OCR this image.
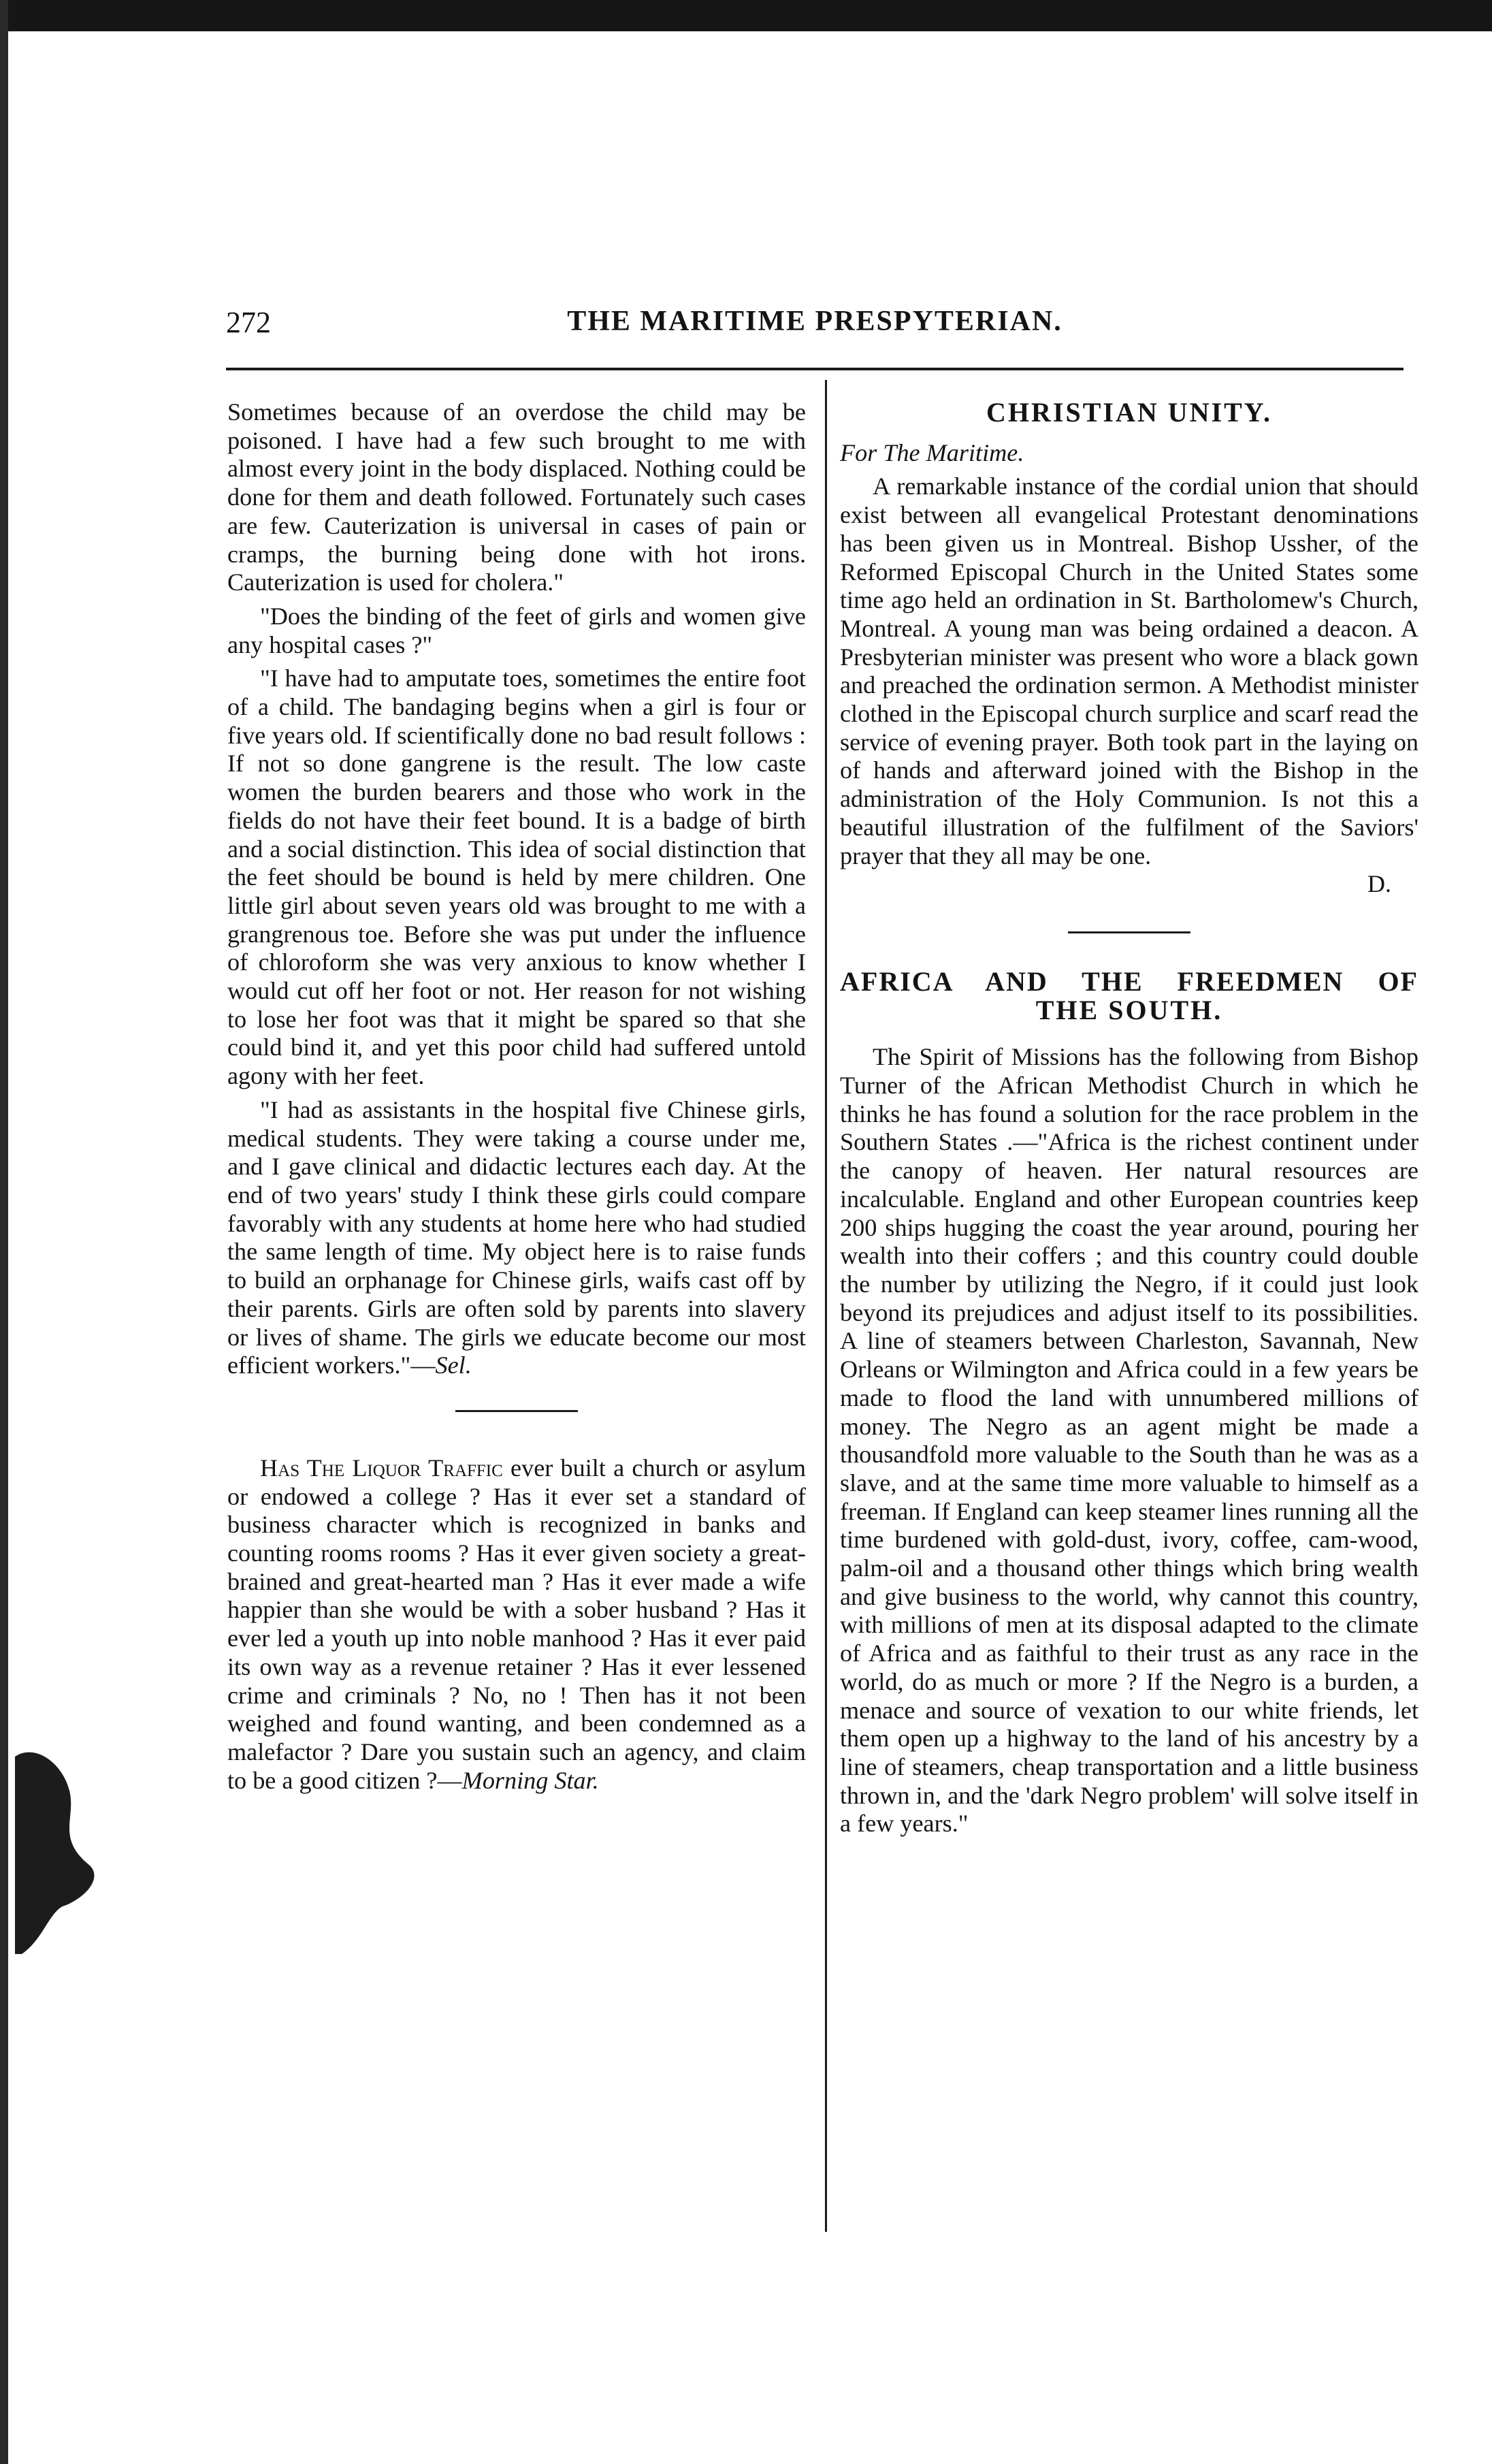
272	THE MARITIME PRESPYTERIAN.

Sometimes because of an overdose the child may be poisoned. I have had a few such brought to me with almost every joint in the body displaced. Nothing could be done for them and death followed. Fortunately such cases are few. Cauterization is universal in cases of pain or cramps, the burning being done with hot irons. Cauterization is used for cholera."

"Does the binding of the feet of girls and women give any hospital cases ?"

"I have had to amputate toes, sometimes the entire foot of a child. The bandaging begins when a girl is four or five years old. If scientifically done no bad result follows : If not so done gangrene is the result. The low caste women the burden bearers and those who work in the fields do not have their feet bound. It is a badge of birth and a social distinction. This idea of social distinction that the feet should be bound is held by mere children. One little girl about seven years old was brought to me with a grangrenous toe. Before she was put under the influence of chloroform she was very anxious to know whether I would cut off her foot or not. Her reason for not wishing to lose her foot was that it might be spared so that she could bind it, and yet this poor child had suffered untold agony with her feet.

"I had as assistants in the hospital five Chinese girls, medical students. They were taking a course under me, and I gave clinical and didactic lectures each day. At the end of two years' study I think these girls could compare favorably with any students at home here who had studied the same length of time. My object here is to raise funds to build an orphanage for Chinese girls, waifs cast off by their parents. Girls are often sold by parents into slavery or lives of shame. The girls we educate become our most efficient workers."—Sel.

Has The Liquor Traffic ever built a church or asylum or endowed a college ? Has it ever set a standard of business character which is recognized in banks and counting rooms rooms ? Has it ever given society a great-brained and great-hearted man ? Has it ever made a wife happier than she would be with a sober husband ? Has it ever led a youth up into noble manhood ? Has it ever paid its own way as a revenue retainer ? Has it ever lessened crime and criminals ? No, no ! Then has it not been weighed and found wanting, and been condemned as a malefactor ? Dare you sustain such an agency, and claim to be a good citizen ?—Morning Star.

CHRISTIAN UNITY.

For The Maritime.

A remarkable instance of the cordial union that should exist between all evangelical Protestant denominations has been given us in Montreal. Bishop Ussher, of the Reformed Episcopal Church in the United States some time ago held an ordination in St. Bartholomew's Church, Montreal. A young man was being ordained a deacon. A Presbyterian minister was present who wore a black gown and preached the ordination sermon. A Methodist minister clothed in the Episcopal church surplice and scarf read the service of evening prayer. Both took part in the laying on of hands and afterward joined with the Bishop in the administration of the Holy Communion. Is not this a beautiful illustration of the fulfilment of the Saviors' prayer that they all may be one.

D.

AFRICA AND THE FREEDMEN OF
THE SOUTH.

The Spirit of Missions has the following from Bishop Turner of the African Methodist Church in which he thinks he has found a solution for the race problem in the Southern States .—"Africa is the richest continent under the canopy of heaven. Her natural resources are incalculable. England and other European countries keep 200 ships hugging the coast the year around, pouring her wealth into their coffers ; and this country could double the number by utilizing the Negro, if it could just look beyond its prejudices and adjust itself to its possibilities. A line of steamers between Charleston, Savannah, New Orleans or Wilmington and Africa could in a few years be made to flood the land with unnumbered millions of money. The Negro as an agent might be made a thousandfold more valuable to the South than he was as a slave, and at the same time more valuable to himself as a freeman. If England can keep steamer lines running all the time burdened with gold-dust, ivory, coffee, cam-wood, palm-oil and a thousand other things which bring wealth and give business to the world, why cannot this country, with millions of men at its disposal adapted to the climate of Africa and as faithful to their trust as any race in the world, do as much or more ? If the Negro is a burden, a menace and source of vexation to our white friends, let them open up a highway to the land of his ancestry by a line of steamers, cheap transportation and a little business thrown in, and the 'dark Negro problem' will solve itself in a few years."
